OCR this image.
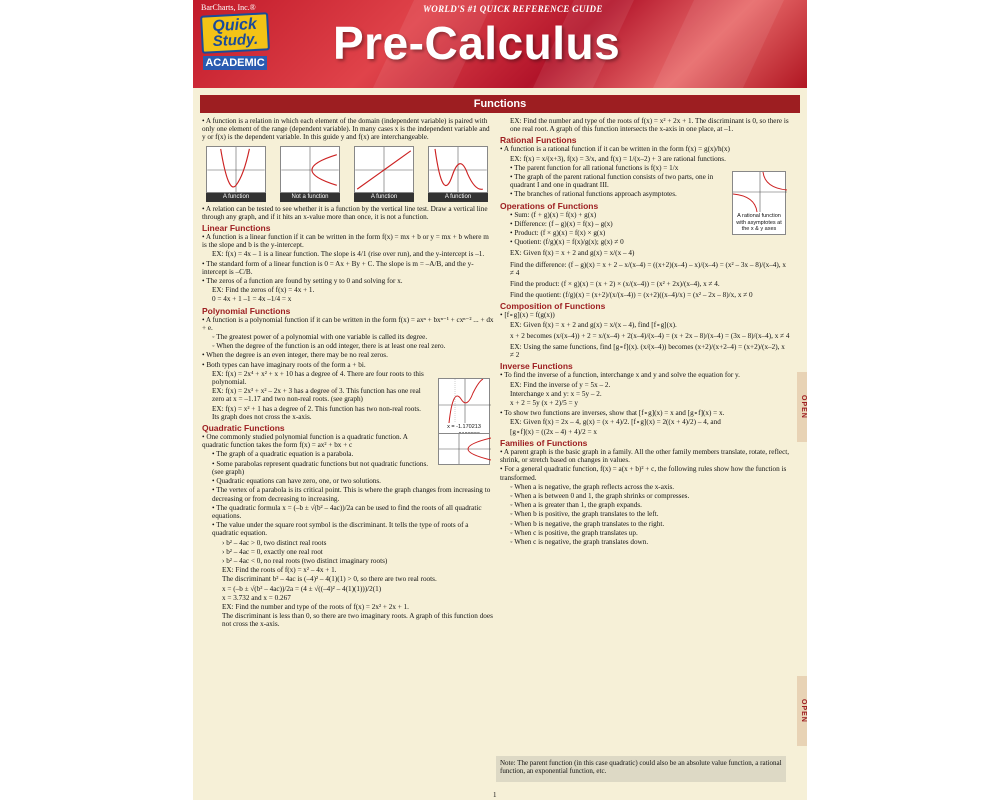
BarCharts, Inc.®
Quick
Study.
ACADEMIC
WORLD'S #1 QUICK REFERENCE GUIDE
Pre-Calculus
Functions
• A function is a relation in which each element of the domain (independent variable) is paired with only one element of the range (dependent variable). In many cases x is the independent variable and y or f(x) is the dependent variable. In this guide y and f(x) are interchangeable.
A function	Not a function	A function	A function
• A relation can be tested to see whether it is a function by the vertical line test. Draw a vertical line through any graph, and if it hits an x-value more than once, it is not a function.
Linear Functions
• A function is a linear function if it can be written in the form f(x) = mx + b or y = mx + b where m is the slope and b is the y-intercept.
EX: f(x) = 4x – 1 is a linear function. The slope is 4/1 (rise over run), and the y-intercept is –1.
• The standard form of a linear function is 0 = Ax + By + C. The slope is m = –A/B, and the y-intercept is –C/B.
• The zeros of a function are found by setting y to 0 and solving for x.
EX: Find the zeros of f(x) = 4x + 1.
0 = 4x + 1 –1 = 4x –1/4 = x
Polynomial Functions
• A function is a polynomial function if it can be written in the form f(x) = axⁿ + bxⁿ⁻¹ + cxⁿ⁻² ... + dx + e.
◦ The greatest power of a polynomial with one variable is called its degree.
◦ When the degree of the function is an odd integer, there is at least one real zero.
• When the degree is an even integer, there may be no real zeros.
• Both types can have imaginary roots of the form a + bi.
EX: f(x) = 2x⁴ + x² + x + 10 has a degree of 4. There are four roots to this polynomial.
EX: f(x) = 2x³ + x² – 2x + 3 has a degree of 3. This function has one real zero at x = –1.17 and two non-real roots. (see graph)
EX: f(x) = x² + 1 has a degree of 2. This function has two non-real roots. Its graph does not cross the x-axis.
x = -1.170213
Quadratic Functions
• One commonly studied polynomial function is a quadratic function. A quadratic function takes the form f(x) = ax² + bx + c
• The graph of a quadratic equation is a parabola.
• Some parabolas represent quadratic functions but not quadratic functions. (see graph)
• Quadratic equations can have zero, one, or two solutions.
• The vertex of a parabola is its critical point. This is where the graph changes from increasing to decreasing or from decreasing to increasing.
• The quadratic formula x = (–b ± √(b² – 4ac))/2a can be used to find the roots of all quadratic equations.
• The value under the square root symbol is the discriminant. It tells the type of roots of a quadratic equation.
› b² – 4ac > 0, two distinct real roots
› b² – 4ac = 0, exactly one real root
› b² – 4ac < 0, no real roots (two distinct imaginary roots)
EX: Find the roots of f(x) = x² – 4x + 1.
The discriminant b² – 4ac is (–4)² – 4(1)(1) > 0, so there are two real roots.
x = (–b ± √(b² – 4ac))/2a = (4 ± √((–4)² – 4(1)(1)))/2(1)
x = 3.732 and x = 0.267
EX: Find the number and type of the roots of f(x) = 2x² + 2x + 1.
The discriminant is less than 0, so there are two imaginary roots. A graph of this function does not cross the x-axis.
EX: Find the number and type of the roots of f(x) = x² + 2x + 1. The discriminant is 0, so there is one real root. A graph of this function intersects the x-axis in one place, at –1.
Rational Functions
• A function is a rational function if it can be written in the form f(x) = g(x)/h(x)
EX: f(x) = x/(x+3), f(x) = 3/x, and f(x) = 1/(x–2) + 3 are rational functions.
• The parent function for all rational functions is f(x) = 1/x
• The graph of the parent rational function consists of two parts, one in quadrant I and one in quadrant III.
• The branches of rational functions approach asymptotes.
A rational function with asymptotes at the x & y axes
Operations of Functions
• Sum: (f + g)(x) = f(x) + g(x)
• Difference: (f – g)(x) = f(x) – g(x)
• Product: (f × g)(x) = f(x) × g(x)
• Quotient: (f/g)(x) = f(x)/g(x); g(x) ≠ 0
EX: Given f(x) = x + 2 and g(x) = x/(x – 4)
Find the difference: (f – g)(x) = x + 2 – x/(x–4) = ((x+2)(x–4) – x)/(x–4) = (x² – 3x – 8)/(x–4), x ≠ 4
Find the product: (f × g)(x) = (x + 2) × (x/(x–4)) = (x² + 2x)/(x–4), x ≠ 4.
Find the quotient: (f/g)(x) = (x+2)/(x/(x–4)) = (x+2)((x–4)/x) = (x² – 2x – 8)/x, x ≠ 0
Composition of Functions
• [f∘g](x) = f(g(x))
EX: Given f(x) = x + 2 and g(x) = x/(x – 4), find [f∘g](x).
x + 2 becomes (x/(x–4)) + 2 = x/(x–4) + 2(x–4)/(x–4) = (x + 2x – 8)/(x–4) = (3x – 8)/(x–4), x ≠ 4
EX: Using the same functions, find [g∘f](x). (x/(x–4)) becomes (x+2)/(x+2–4) = (x+2)/(x–2), x ≠ 2
Inverse Functions
• To find the inverse of a function, interchange x and y and solve the equation for y.
EX: Find the inverse of y = 5x – 2.
Interchange x and y: x = 5y – 2.
x + 2 = 5y (x + 2)/5 = y
• To show two functions are inverses, show that [f∘g](x) = x and [g∘f](x) = x.
EX: Given f(x) = 2x – 4, g(x) = (x + 4)/2. [f∘g](x) = 2((x + 4)/2) – 4, and
[g∘f](x) = ((2x – 4) + 4)/2 = x
Families of Functions
• A parent graph is the basic graph in a family. All the other family members translate, rotate, reflect, shrink, or stretch based on changes in values.
• For a general quadratic function, f(x) = a(x + b)² + c, the following rules show how the function is transformed.
◦ When a is negative, the graph reflects across the x-axis.
◦ When a is between 0 and 1, the graph shrinks or compresses.
◦ When a is greater than 1, the graph expands.
◦ When b is positive, the graph translates to the left.
◦ When b is negative, the graph translates to the right.
◦ When c is positive, the graph translates up.
◦ When c is negative, the graph translates down.
Note: The parent function (in this case quadratic) could also be an absolute value function, a rational function, an exponential function, etc.
OPEN
OPEN
1
